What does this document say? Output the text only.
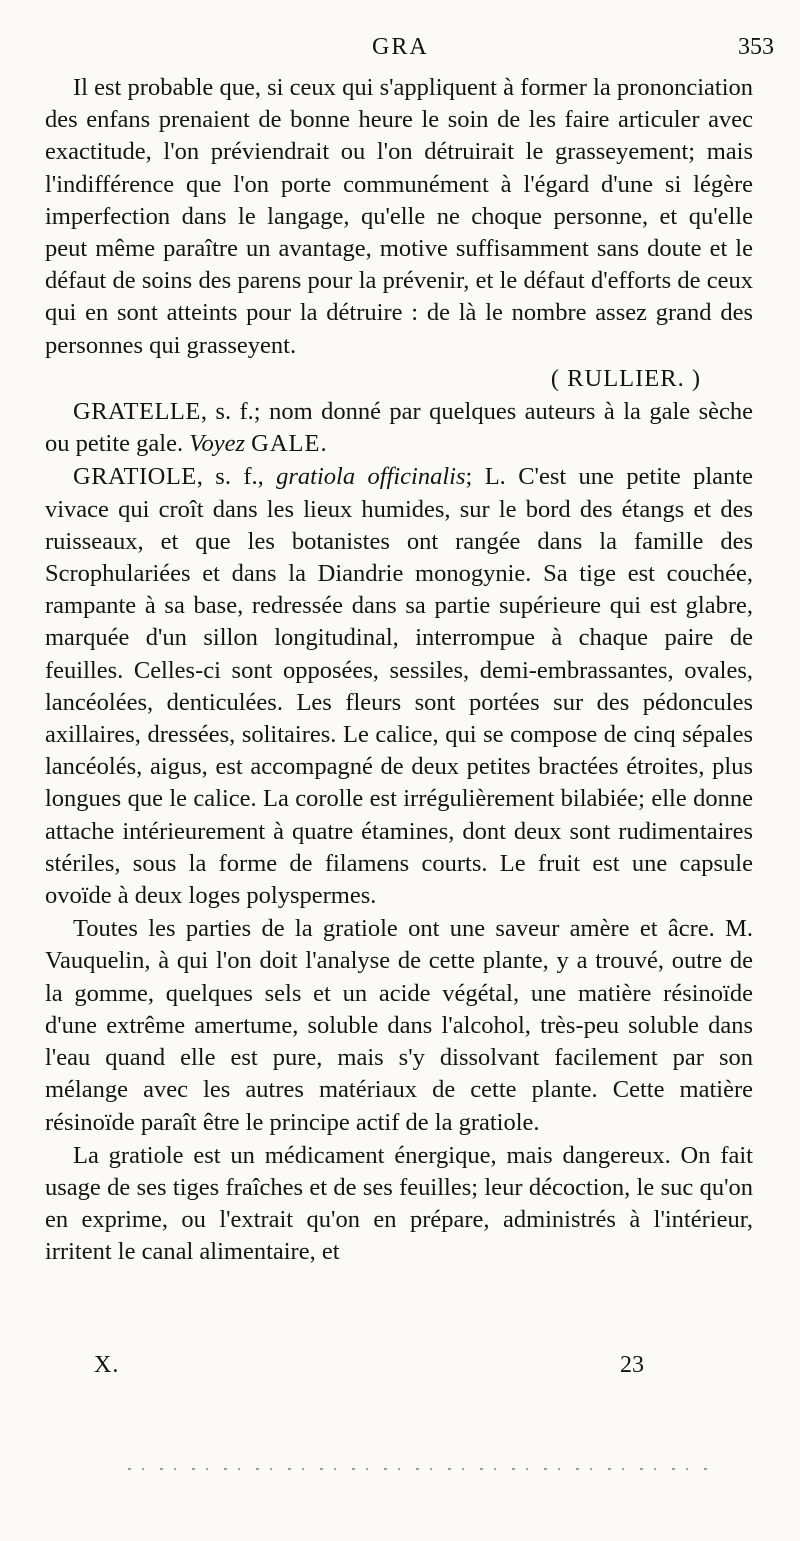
GRA	353

Il est probable que, si ceux qui s'appliquent à former la prononciation des enfans prenaient de bonne heure le soin de les faire articuler avec exactitude, l'on préviendrait ou l'on détruirait le grasseyement; mais l'indifférence que l'on porte communément à l'égard d'une si légère imperfection dans le langage, qu'elle ne choque personne, et qu'elle peut même paraître un avantage, motive suffisamment sans doute et le défaut de soins des parens pour la prévenir, et le défaut d'efforts de ceux qui en sont atteints pour la détruire : de là le nombre assez grand des personnes qui grasseyent.

( RULLIER. )

GRATELLE, s. f.; nom donné par quelques auteurs à la gale sèche ou petite gale. Voyez GALE.

GRATIOLE, s. f., gratiola officinalis; L. C'est une petite plante vivace qui croît dans les lieux humides, sur le bord des étangs et des ruisseaux, et que les botanistes ont rangée dans la famille des Scrophulariées et dans la Diandrie monogynie. Sa tige est couchée, rampante à sa base, redressée dans sa partie supérieure qui est glabre, marquée d'un sillon longitudinal, interrompue à chaque paire de feuilles. Celles-ci sont opposées, sessiles, demi-embrassantes, ovales, lancéolées, denticulées. Les fleurs sont portées sur des pédoncules axillaires, dressées, solitaires. Le calice, qui se compose de cinq sépales lancéolés, aigus, est accompagné de deux petites bractées étroites, plus longues que le calice. La corolle est irrégulièrement bilabiée; elle donne attache intérieurement à quatre étamines, dont deux sont rudimentaires stériles, sous la forme de filamens courts. Le fruit est une capsule ovoïde à deux loges polyspermes.

Toutes les parties de la gratiole ont une saveur amère et âcre. M. Vauquelin, à qui l'on doit l'analyse de cette plante, y a trouvé, outre de la gomme, quelques sels et un acide végétal, une matière résinoïde d'une extrême amertume, soluble dans l'alcohol, très-peu soluble dans l'eau quand elle est pure, mais s'y dissolvant facilement par son mélange avec les autres matériaux de cette plante. Cette matière résinoïde paraît être le principe actif de la gratiole.

La gratiole est un médicament énergique, mais dangereux. On fait usage de ses tiges fraîches et de ses feuilles; leur décoction, le suc qu'on en exprime, ou l'extrait qu'on en prépare, administrés à l'intérieur, irritent le canal alimentaire, et

X.	23
